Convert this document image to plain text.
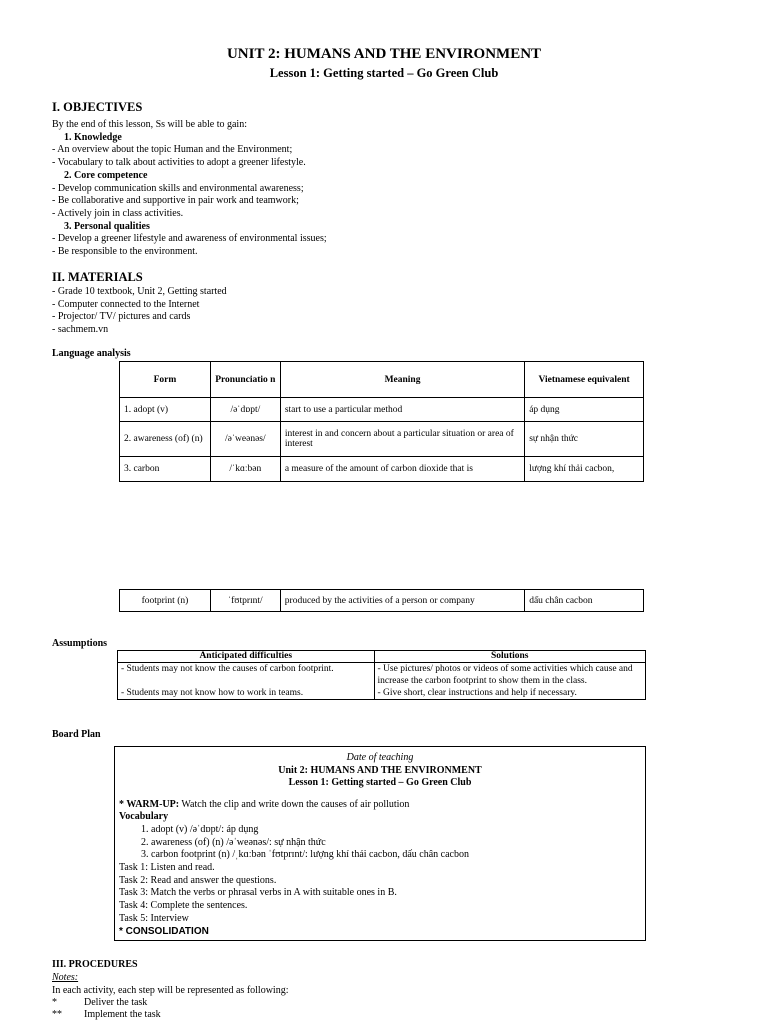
UNIT 2: HUMANS AND THE ENVIRONMENT
Lesson 1: Getting started – Go Green Club
I. OBJECTIVES
By the end of this lesson, Ss will be able to gain:
1. Knowledge
- An overview about the topic Human and the Environment;
- Vocabulary to talk about activities to adopt a greener lifestyle.
2. Core competence
- Develop communication skills and environmental awareness;
- Be collaborative and supportive in pair work and teamwork;
- Actively join in class activities.
3. Personal qualities
- Develop a greener lifestyle and awareness of environmental issues;
- Be responsible to the environment.
II. MATERIALS
- Grade 10 textbook, Unit 2, Getting started
- Computer connected to the Internet
- Projector/ TV/ pictures and cards
- sachmem.vn
Language analysis
Form	Pronunciatio n	Meaning	Vietnamese equivalent
1. adopt (v)	/əˈdɒpt/	start to use a particular method	áp dụng
2. awareness (of) (n)	/əˈweənəs/	interest in and concern about a particular situation or area of interest	sự nhận thức
3. carbon	/ˈkɑːbən	a measure of the amount of carbon dioxide that is	lượng khí thải cacbon,
footprint (n)	ˈfʊtprɪnt/	produced by the activities of a person or company	dấu chân cacbon
Assumptions
Anticipated difficulties	Solutions
- Students may not know the causes of carbon footprint.	- Use pictures/ photos or videos of some activities which cause and increase the carbon footprint to show them in the class.
- Students may not know how to work in teams.	- Give short, clear instructions and help if necessary.
Board Plan
Date of teaching
Unit 2: HUMANS AND THE ENVIRONMENT
Lesson 1: Getting started – Go Green Club
* WARM-UP: Watch the clip and write down the causes of air pollution
Vocabulary
1. adopt (v) /əˈdɒpt/: áp dụng
2. awareness (of) (n) /əˈweənəs/: sự nhận thức
3. carbon footprint (n) /ˌkɑːbən ˈfʊtprɪnt/: lượng khí thải cacbon, dấu chân cacbon
Task 1: Listen and read.
Task 2: Read and answer the questions.
Task 3: Match the verbs or phrasal verbs in A with suitable ones in B.
Task 4: Complete the sentences.
Task 5: Interview
* CONSOLIDATION
III. PROCEDURES
Notes:
In each activity, each step will be represented as following:
*	Deliver the task
** Implement the task
